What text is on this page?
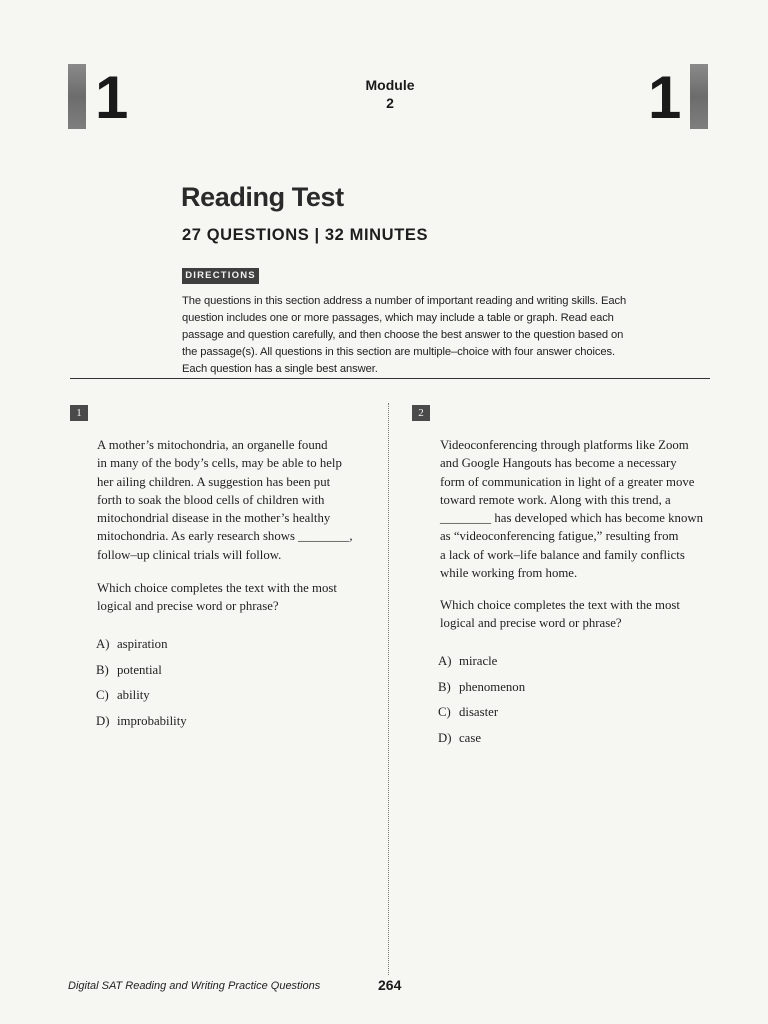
1	Module
2	1
Reading Test
27 QUESTIONS | 32 MINUTES
DIRECTIONS
The questions in this section address a number of important reading and writing skills. Each
question includes one or more passages, which may include a table or graph. Read each
passage and question carefully, and then choose the best answer to the question based on
the passage(s). All questions in this section are multiple–choice with four answer choices.
Each question has a single best answer.
1
A mother’s mitochondria, an organelle found
in many of the body’s cells, may be able to help
her ailing children. A suggestion has been put
forth to soak the blood cells of children with
mitochondrial disease in the mother’s healthy
mitochondria. As early research shows ________,
follow–up clinical trials will follow.
Which choice completes the text with the most
logical and precise word or phrase?
A) aspiration
B) potential
C) ability
D) improbability
2
Videoconferencing through platforms like Zoom
and Google Hangouts has become a necessary
form of communication in light of a greater move
toward remote work. Along with this trend, a
________ has developed which has become known
as “videoconferencing fatigue,” resulting from
a lack of work–life balance and family conflicts
while working from home.
Which choice completes the text with the most
logical and precise word or phrase?
A) miracle
B) phenomenon
C) disaster
D) case
Digital SAT Reading and Writing Practice Questions	264
